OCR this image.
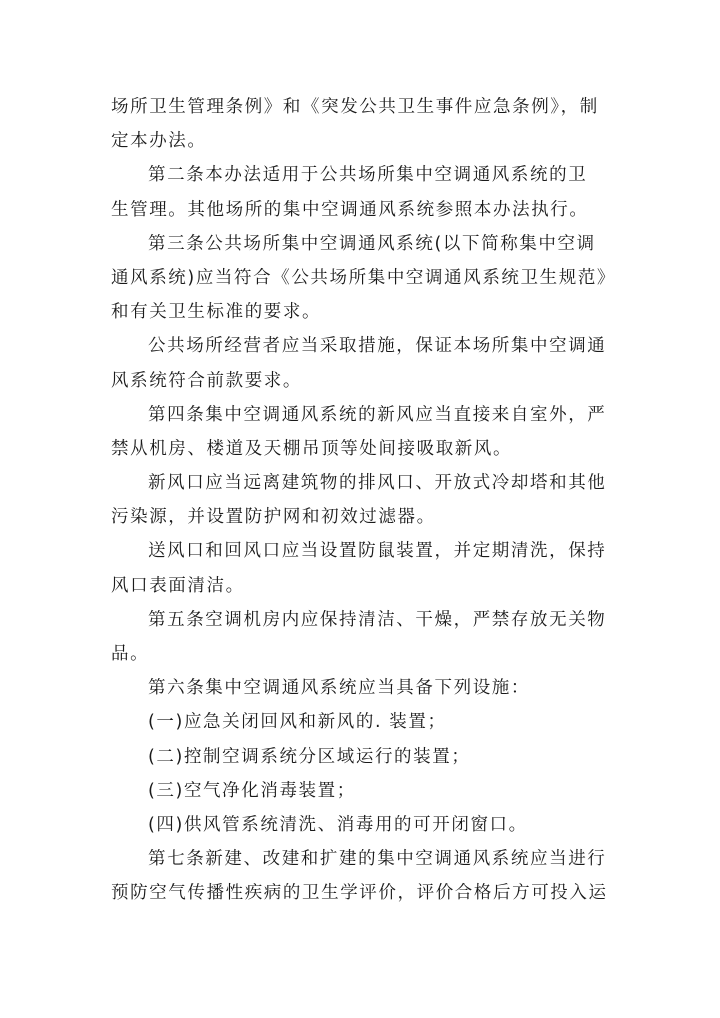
场所卫生管理条例》和《突发公共卫生事件应急条例》，制
定本办法。
第二条本办法适用于公共场所集中空调通风系统的卫
生管理。其他场所的集中空调通风系统参照本办法执行。
第三条公共场所集中空调通风系统(以下简称集中空调
通风系统)应当符合《公共场所集中空调通风系统卫生规范》
和有关卫生标准的要求。
公共场所经营者应当采取措施，保证本场所集中空调通
风系统符合前款要求。
第四条集中空调通风系统的新风应当直接来自室外，严
禁从机房、楼道及天棚吊顶等处间接吸取新风。
新风口应当远离建筑物的排风口、开放式冷却塔和其他
污染源，并设置防护网和初效过滤器。
送风口和回风口应当设置防鼠装置，并定期清洗，保持
风口表面清洁。
第五条空调机房内应保持清洁、干燥，严禁存放无关物
品。
第六条集中空调通风系统应当具备下列设施：
(一)应急关闭回风和新风的. 装置；
(二)控制空调系统分区域运行的装置；
(三)空气净化消毒装置；
(四)供风管系统清洗、消毒用的可开闭窗口。
第七条新建、改建和扩建的集中空调通风系统应当进行
预防空气传播性疾病的卫生学评价，评价合格后方可投入运
